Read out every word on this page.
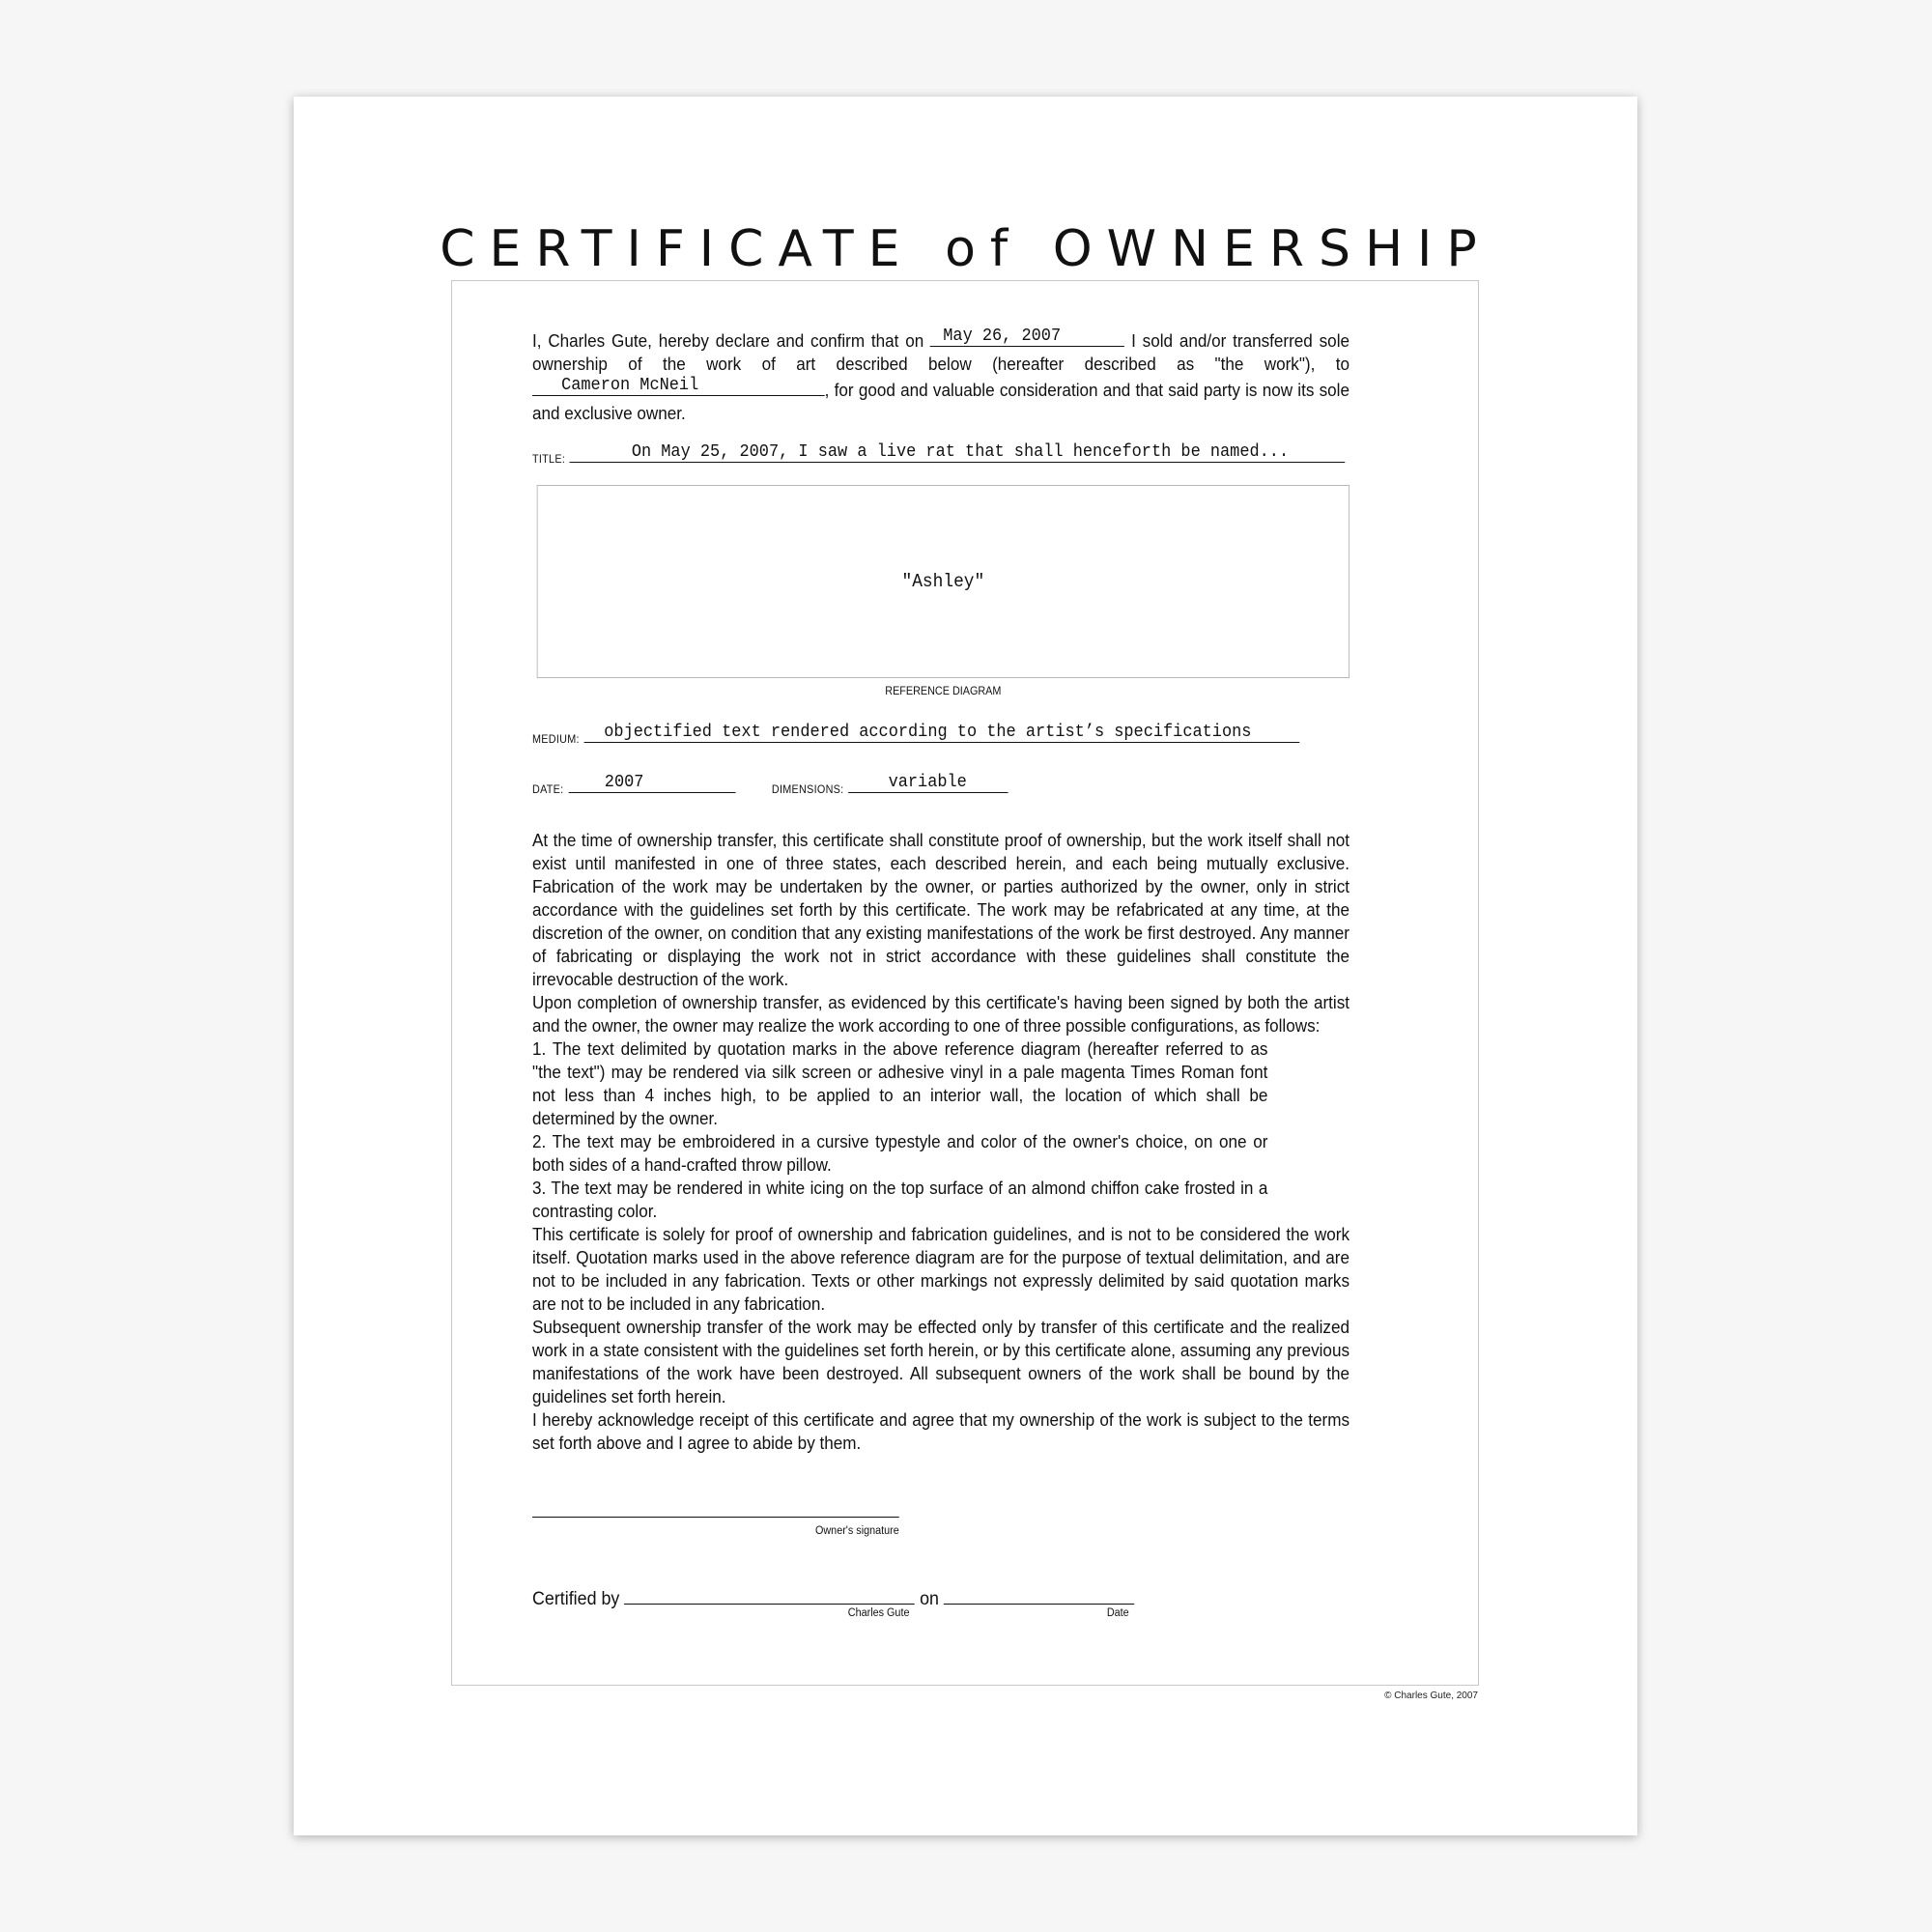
CERTIFICATE of OWNERSHIP

I, Charles Gute, hereby declare and confirm that on May 26, 2007	I sold and/or transferred sole ownership of the work of art described below (hereafter described as "the work"), to Cameron McNeil	, for good and valuable consideration and that said party is now its sole and exclusive owner.

TITLE:	On May 25, 2007, I saw a live rat that shall henceforth be named...
"Ashley"
REFERENCE DIAGRAM
MEDIUM: objectified text rendered according to the artist’s specifications
DATE: 2007	DIMENSIONS:	variable

At the time of ownership transfer, this certificate shall constitute proof of ownership, but the work itself shall not exist until manifested in one of three states, each described herein, and each being mutually exclusive. Fabrication of the work may be undertaken by the owner, or parties authorized by the owner, only in strict accordance with the guidelines set forth by this certificate. The work may be refabricated at any time, at the discretion of the owner, on condition that any existing manifestations of the work be first destroyed. Any manner of fabricating or displaying the work not in strict accordance with these guidelines shall constitute the irrevocable destruction of the work.

Upon completion of ownership transfer, as evidenced by this certificate's having been signed by both the artist and the owner, the owner may realize the work according to one of three possible configurations, as follows:

1. The text delimited by quotation marks in the above reference diagram (hereafter referred to as "the text") may be rendered via silk screen or adhesive vinyl in a pale magenta Times Roman font not less than 4 inches high, to be applied to an interior wall, the location of which shall be determined by the owner.

2. The text may be embroidered in a cursive typestyle and color of the owner's choice, on one or both sides of a hand-crafted throw pillow.

3. The text may be rendered in white icing on the top surface of an almond chiffon cake frosted in a contrasting color.

This certificate is solely for proof of ownership and fabrication guidelines, and is not to be considered the work itself. Quotation marks used in the above reference diagram are for the purpose of textual delimitation, and are not to be included in any fabrication. Texts or other markings not expressly delimited by said quotation marks are not to be included in any fabrication.

Subsequent ownership transfer of the work may be effected only by transfer of this certificate and the realized work in a state consistent with the guidelines set forth herein, or by this certificate alone, assuming any previous manifestations of the work have been destroyed. All subsequent owners of the work shall be bound by the guidelines set forth herein.

I hereby acknowledge receipt of this certificate and agree that my ownership of the work is subject to the terms set forth above and I agree to abide by them.

Owner's signature
Certified by
Charles Gute
on
Date
© Charles Gute, 2007
